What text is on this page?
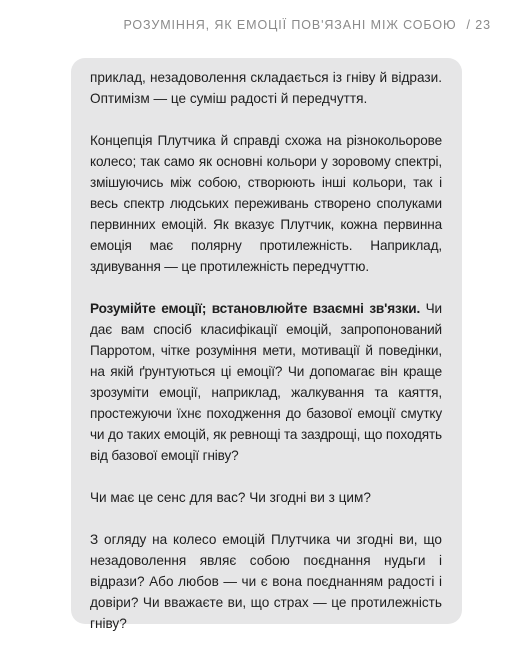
РОЗУМІННЯ, ЯК ЕМОЦІЇ ПОВ'ЯЗАНІ МІЖ СОБОЮ / 23

приклад, незадоволення складається із гніву й відрази. Оптимізм — це суміш радості й передчуття.

Концепція Плутчика й справді схожа на різнокольорове колесо; так само як основні кольори у зоровому спектрі, змішуючись між собою, створюють інші кольори, так і весь спектр людських переживань створено сполуками первинних емоцій. Як вказує Плутчик, кожна первинна емоція має полярну протилежність. Наприклад, здивування — це протилежність передчуттю.

Розумійте емоції; встановлюйте взаємні зв'язки. Чи дає вам спосіб класифікації емоцій, запропонований Парротом, чітке розуміння мети, мотивації й поведінки, на якій ґрунтуються ці емоції? Чи допомагає він краще зрозуміти емоції, наприклад, жалкування та каяття, простежуючи їхнє походження до базової емоції смутку чи до таких емоцій, як ревнощі та заздрощі, що походять від базової емоції гніву?

Чи має це сенс для вас? Чи згодні ви з цим?

З огляду на колесо емоцій Плутчика чи згодні ви, що незадоволення являє собою поєднання нудьги і відрази? Або любов — чи є вона поєднанням радості і довіри? Чи вважаєте ви, що страх — це протилежність гніву?
